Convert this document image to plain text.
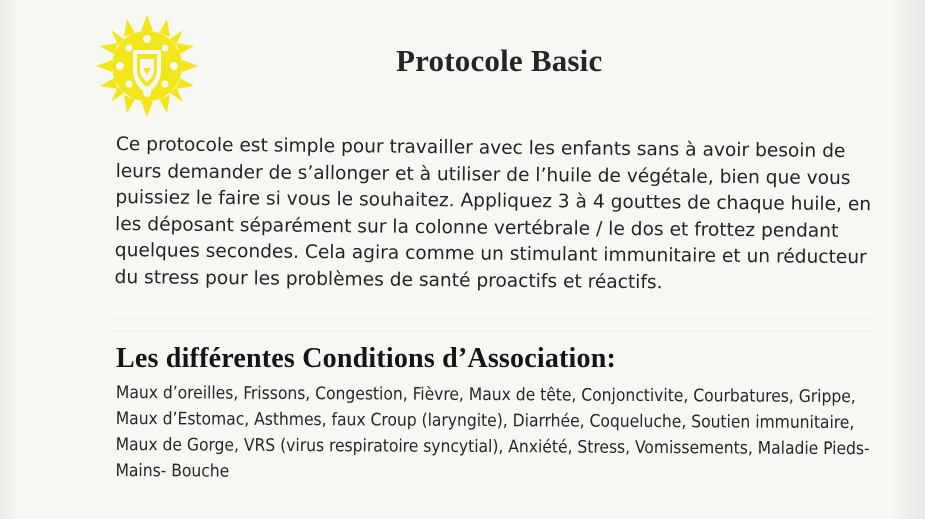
Protocole Basic

Ce protocole est simple pour travailler avec les enfants sans à avoir besoin de leurs demander de s’allonger et à utiliser de l’huile de végétale, bien que vous puissiez le faire si vous le souhaitez. Appliquez 3 à 4 gouttes de chaque huile, en les déposant séparément sur la colonne vertébrale / le dos et frottez pendant quelques secondes. Cela agira comme un stimulant immunitaire et un réducteur du stress pour les problèmes de santé proactifs et réactifs.

Les différentes Conditions d’Association:

Maux d’oreilles, Frissons, Congestion, Fièvre, Maux de tête, Conjonctivite, Courbatures, Grippe, Maux d’Estomac, Asthmes, faux Croup (laryngite), Diarrhée, Coqueluche, Soutien immunitaire, Maux de Gorge, VRS (virus respiratoire syncytial), Anxiété, Stress, Vomissements, Maladie Pieds- Mains- Bouche
